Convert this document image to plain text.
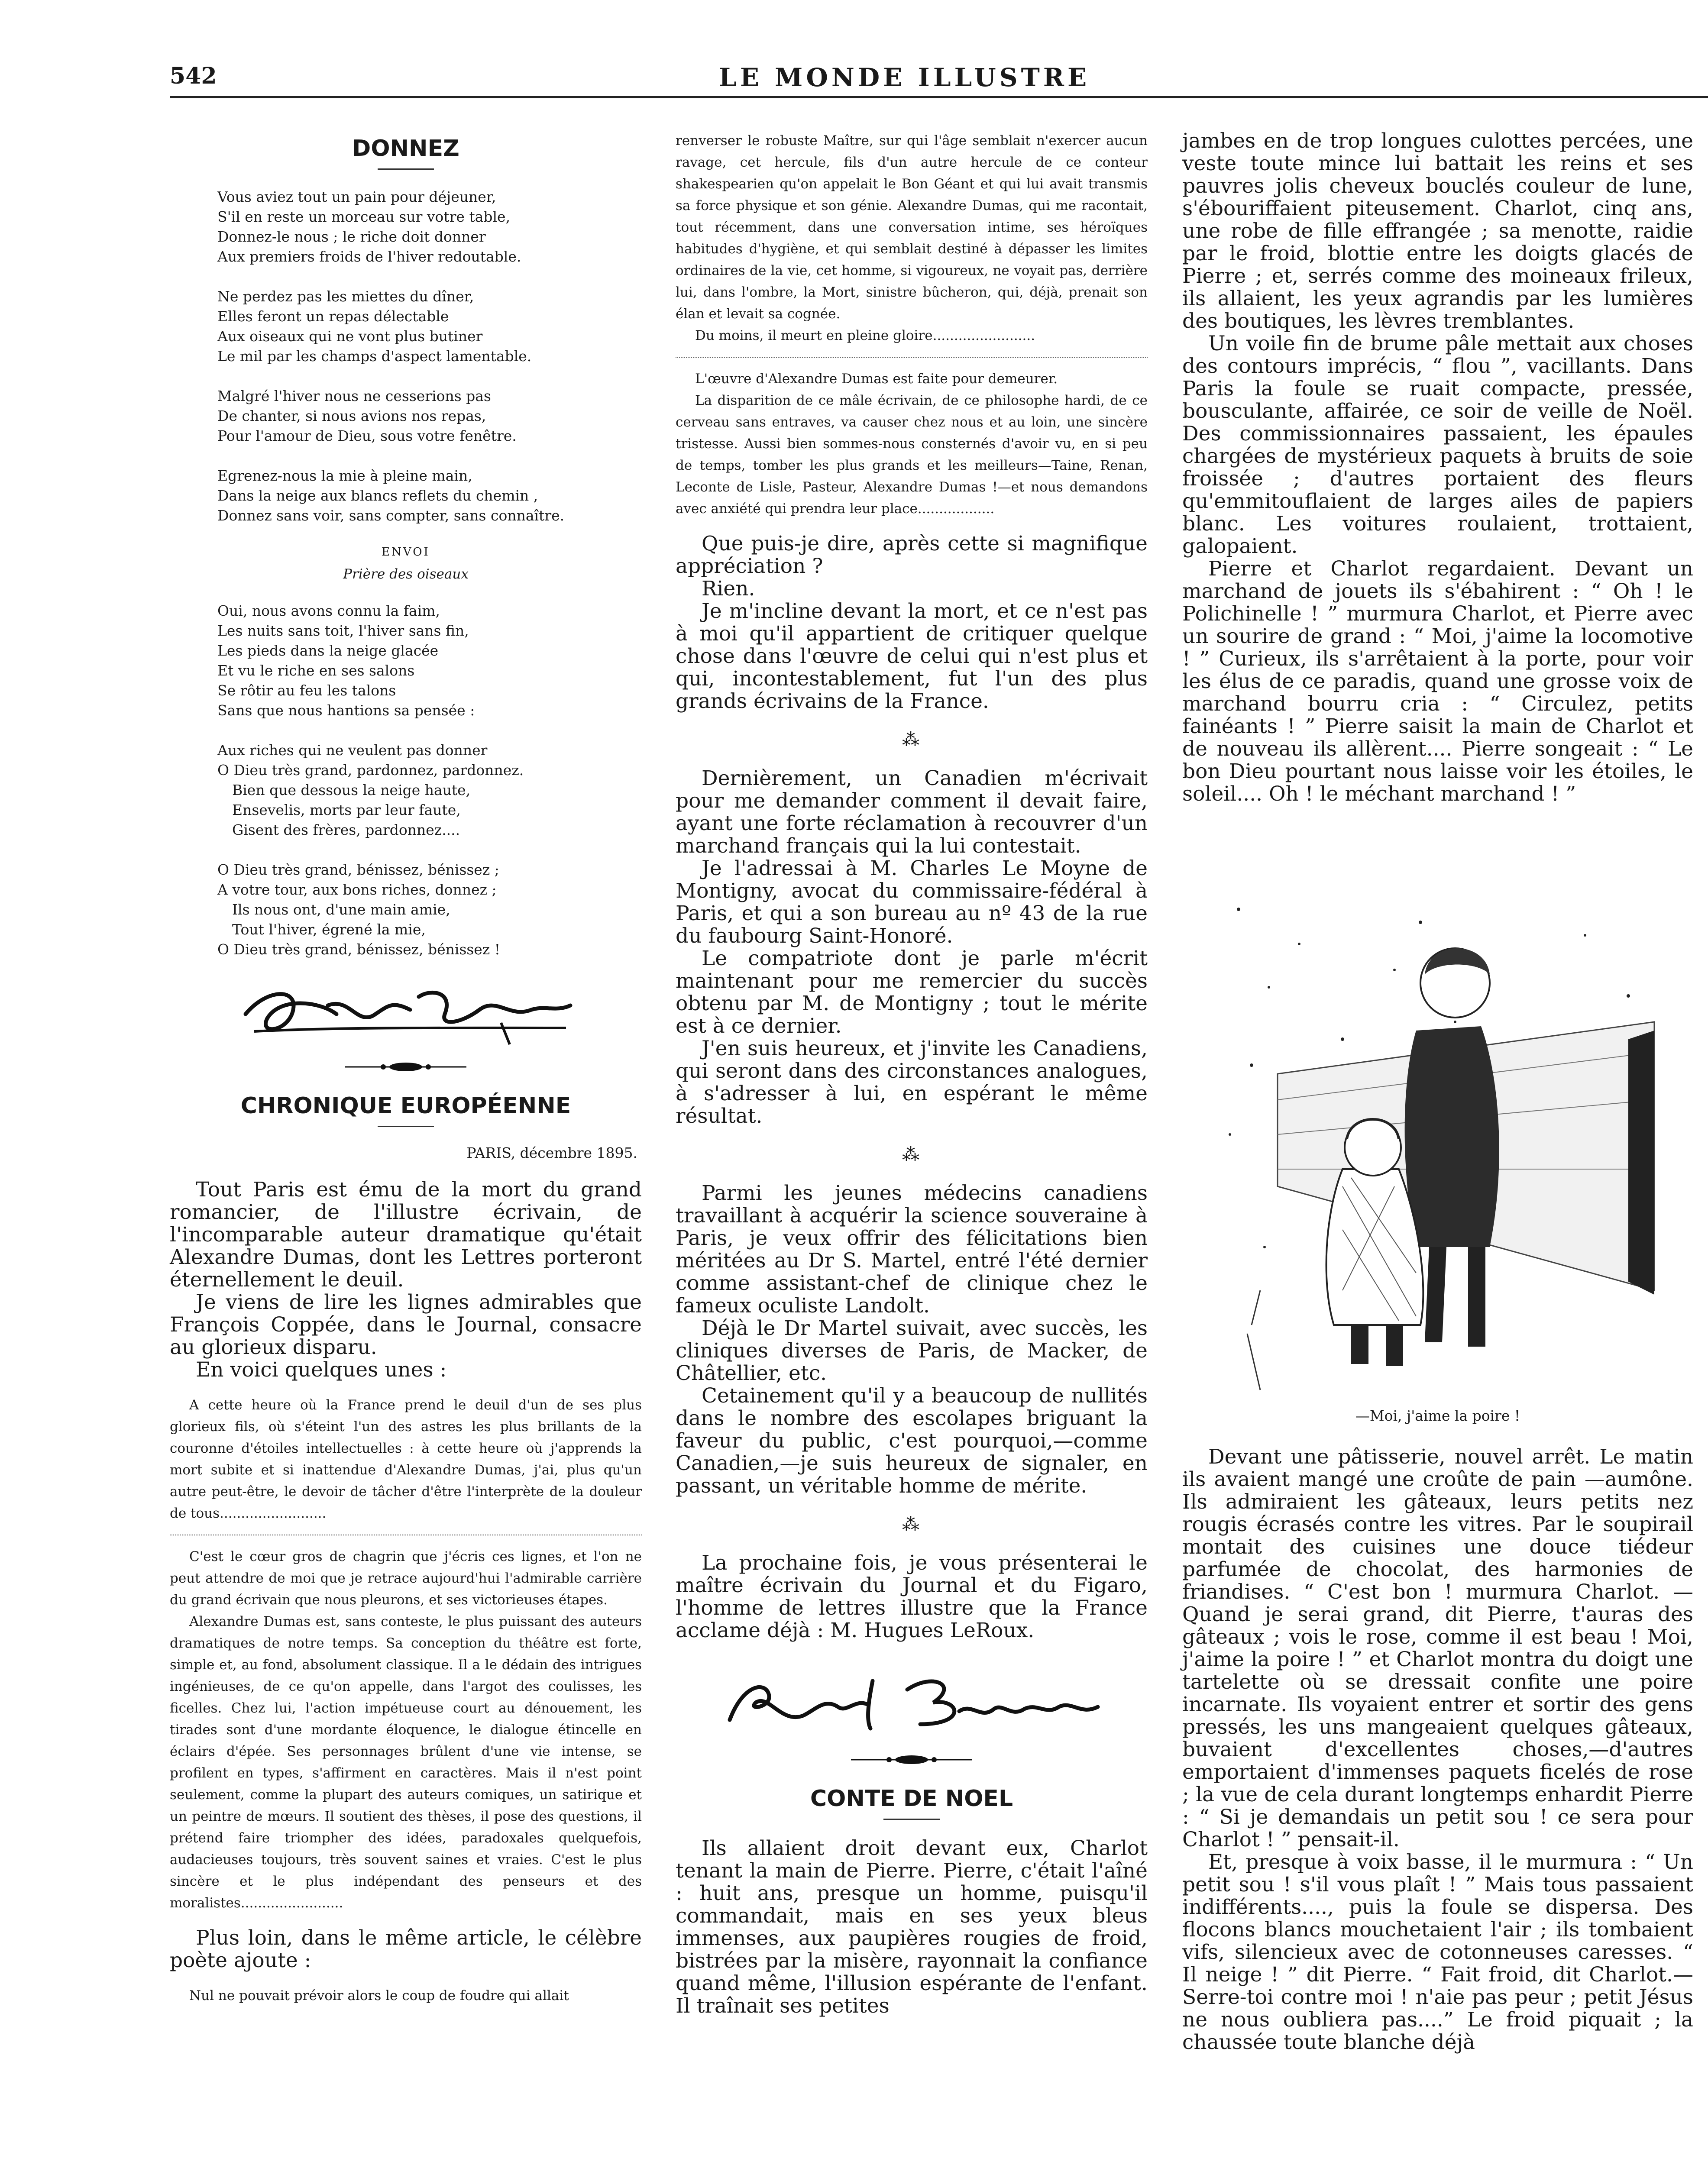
542	LE MONDE ILLUSTRE
DONNEZ
Vous aviez tout un pain pour déjeuner,
S'il en reste un morceau sur votre table,
Donnez-le nous ; le riche doit donner
Aux premiers froids de l'hiver redoutable.
Ne perdez pas les miettes du dîner,
Elles feront un repas délectable
Aux oiseaux qui ne vont plus butiner
Le mil par les champs d'aspect lamentable.
Malgré l'hiver nous ne cesserions pas
De chanter, si nous avions nos repas,
Pour l'amour de Dieu, sous votre fenêtre.
Egrenez-nous la mie à pleine main,
Dans la neige aux blancs reflets du chemin ,
Donnez sans voir, sans compter, sans connaître.
ENVOI
Prière des oiseaux
Oui, nous avons connu la faim,
Les nuits sans toit, l'hiver sans fin,
Les pieds dans la neige glacée
Et vu le riche en ses salons
Se rôtir au feu les talons
Sans que nous hantions sa pensée :
Aux riches qui ne veulent pas donner
O Dieu très grand, pardonnez, pardonnez.
Bien que dessous la neige haute,
Ensevelis, morts par leur faute,
Gisent des frères, pardonnez....
O Dieu très grand, bénissez, bénissez ;
A votre tour, aux bons riches, donnez ;
Ils nous ont, d'une main amie,
Tout l'hiver, égrené la mie,
O Dieu très grand, bénissez, bénissez !
CHRONIQUE EUROPÉENNE
PARIS, décembre 1895.

Tout Paris est ému de la mort du grand romancier, de l'illustre écrivain, de l'incomparable auteur dramatique qu'était Alexandre Dumas, dont les Lettres porteront éternellement le deuil.

Je viens de lire les lignes admirables que François Coppée, dans le Journal, consacre au glorieux disparu.

En voici quelques unes :

A cette heure où la France prend le deuil d'un de ses plus glorieux fils, où s'éteint l'un des astres les plus brillants de la couronne d'étoiles intellectuelles : à cette heure où j'apprends la mort subite et si inattendue d'Alexandre Dumas, j'ai, plus qu'un autre peut-être, le devoir de tâcher d'être l'interprète de la douleur de tous.........................

C'est le cœur gros de chagrin que j'écris ces lignes, et l'on ne peut attendre de moi que je retrace aujourd'hui l'admirable carrière du grand écrivain que nous pleurons, et ses victorieuses étapes.

Alexandre Dumas est, sans conteste, le plus puissant des auteurs dramatiques de notre temps. Sa conception du théâtre est forte, simple et, au fond, absolument classique. Il a le dédain des intrigues ingénieuses, de ce qu'on appelle, dans l'argot des coulisses, les ficelles. Chez lui, l'action impétueuse court au dénouement, les tirades sont d'une mordante éloquence, le dialogue étincelle en éclairs d'épée. Ses personnages brûlent d'une vie intense, se profilent en types, s'affirment en caractères. Mais il n'est point seulement, comme la plupart des auteurs comiques, un satirique et un peintre de mœurs. Il soutient des thèses, il pose des questions, il prétend faire triompher des idées, paradoxales quelquefois, audacieuses toujours, très souvent saines et vraies. C'est le plus sincère et le plus indépendant des penseurs et des moralistes........................

Plus loin, dans le même article, le célèbre poète ajoute :

Nul ne pouvait prévoir alors le coup de foudre qui allait

renverser le robuste Maître, sur qui l'âge semblait n'exercer aucun ravage, cet hercule, fils d'un autre hercule de ce conteur shakespearien qu'on appelait le Bon Géant et qui lui avait transmis sa force physique et son génie. Alexandre Dumas, qui me racontait, tout récemment, dans une conversation intime, ses héroïques habitudes d'hygiène, et qui semblait destiné à dépasser les limites ordinaires de la vie, cet homme, si vigoureux, ne voyait pas, derrière lui, dans l'ombre, la Mort, sinistre bûcheron, qui, déjà, prenait son élan et levait sa cognée.

Du moins, il meurt en pleine gloire........................

L'œuvre d'Alexandre Dumas est faite pour demeurer.

La disparition de ce mâle écrivain, de ce philosophe hardi, de ce cerveau sans entraves, va causer chez nous et au loin, une sincère tristesse. Aussi bien sommes-nous consternés d'avoir vu, en si peu de temps, tomber les plus grands et les meilleurs—Taine, Renan, Leconte de Lisle, Pasteur, Alexandre Dumas !—et nous demandons avec anxiété qui prendra leur place..................

Que puis-je dire, après cette si magnifique appréciation ?

Rien.

Je m'incline devant la mort, et ce n'est pas à moi qu'il appartient de critiquer quelque chose dans l'œuvre de celui qui n'est plus et qui, incontestablement, fut l'un des plus grands écrivains de la France.

⁂

Dernièrement, un Canadien m'écrivait pour me demander comment il devait faire, ayant une forte réclamation à recouvrer d'un marchand français qui la lui contestait.

Je l'adressai à M. Charles Le Moyne de Montigny, avocat du commissaire-fédéral à Paris, et qui a son bureau au nº 43 de la rue du faubourg Saint-Honoré.

Le compatriote dont je parle m'écrit maintenant pour me remercier du succès obtenu par M. de Montigny ; tout le mérite est à ce dernier.

J'en suis heureux, et j'invite les Canadiens, qui seront dans des circonstances analogues, à s'adresser à lui, en espérant le même résultat.

⁂

Parmi les jeunes médecins canadiens travaillant à acquérir la science souveraine à Paris, je veux offrir des félicitations bien méritées au Dr S. Martel, entré l'été dernier comme assistant-chef de clinique chez le fameux oculiste Landolt.

Déjà le Dr Martel suivait, avec succès, les cliniques diverses de Paris, de Macker, de Châtellier, etc.

Cetainement qu'il y a beaucoup de nullités dans le nombre des escolapes briguant la faveur du public, c'est pourquoi,—comme Canadien,—je suis heureux de signaler, en passant, un véritable homme de mérite.

⁂

La prochaine fois, je vous présenterai le maître écrivain du Journal et du Figaro, l'homme de lettres illustre que la France acclame déjà : M. Hugues LeRoux.

CONTE DE NOEL

Ils allaient droit devant eux, Charlot tenant la main de Pierre. Pierre, c'était l'aîné : huit ans, presque un homme, puisqu'il commandait, mais en ses yeux bleus immenses, aux paupières rougies de froid, bistrées par la misère, rayonnait la confiance quand même, l'illusion espérante de l'enfant. Il traînait ses petites

jambes en de trop longues culottes percées, une veste toute mince lui battait les reins et ses pauvres jolis cheveux bouclés couleur de lune, s'ébouriffaient piteusement. Charlot, cinq ans, une robe de fille effrangée ; sa menotte, raidie par le froid, blottie entre les doigts glacés de Pierre ; et, serrés comme des moineaux frileux, ils allaient, les yeux agrandis par les lumières des boutiques, les lèvres tremblantes.

Un voile fin de brume pâle mettait aux choses des contours imprécis, “ flou ”, vacillants. Dans Paris la foule se ruait compacte, pressée, bousculante, affairée, ce soir de veille de Noël. Des commissionnaires passaient, les épaules chargées de mystérieux paquets à bruits de soie froissée ; d'autres portaient des fleurs qu'emmitouflaient de larges ailes de papiers blanc. Les voitures roulaient, trottaient, galopaient.

Pierre et Charlot regardaient. Devant un marchand de jouets ils s'ébahirent : “ Oh ! le Polichinelle ! ” murmura Charlot, et Pierre avec un sourire de grand : “ Moi, j'aime la locomotive ! ” Curieux, ils s'arrêtaient à la porte, pour voir les élus de ce paradis, quand une grosse voix de marchand bourru cria : “ Circulez, petits fainéants ! ” Pierre saisit la main de Charlot et de nouveau ils allèrent.... Pierre songeait : “ Le bon Dieu pourtant nous laisse voir les étoiles, le soleil.... Oh ! le méchant marchand ! ”

—Moi, j'aime la poire !

Devant une pâtisserie, nouvel arrêt. Le matin ils avaient mangé une croûte de pain —aumône. Ils admiraient les gâteaux, leurs petits nez rougis écrasés contre les vitres. Par le soupirail montait des cuisines une douce tiédeur parfumée de chocolat, des harmonies de friandises. “ C'est bon ! murmura Charlot. —Quand je serai grand, dit Pierre, t'auras des gâteaux ; vois le rose, comme il est beau ! Moi, j'aime la poire ! ” et Charlot montra du doigt une tartelette où se dressait confite une poire incarnate. Ils voyaient entrer et sortir des gens pressés, les uns mangeaient quelques gâteaux, buvaient d'excellentes choses,—d'autres emportaient d'immenses paquets ficelés de rose ; la vue de cela durant longtemps enhardit Pierre : “ Si je demandais un petit sou ! ce sera pour Charlot ! ” pensait-il.

Et, presque à voix basse, il le murmura : “ Un petit sou ! s'il vous plaît ! ” Mais tous passaient indifférents...., puis la foule se dispersa. Des flocons blancs mouchetaient l'air ; ils tombaient vifs, silencieux avec de cotonneuses caresses. “ Il neige ! ” dit Pierre. “ Fait froid, dit Charlot.—Serre-toi contre moi ! n'aie pas peur ; petit Jésus ne nous oubliera pas....” Le froid piquait ; la chaussée toute blanche déjà
